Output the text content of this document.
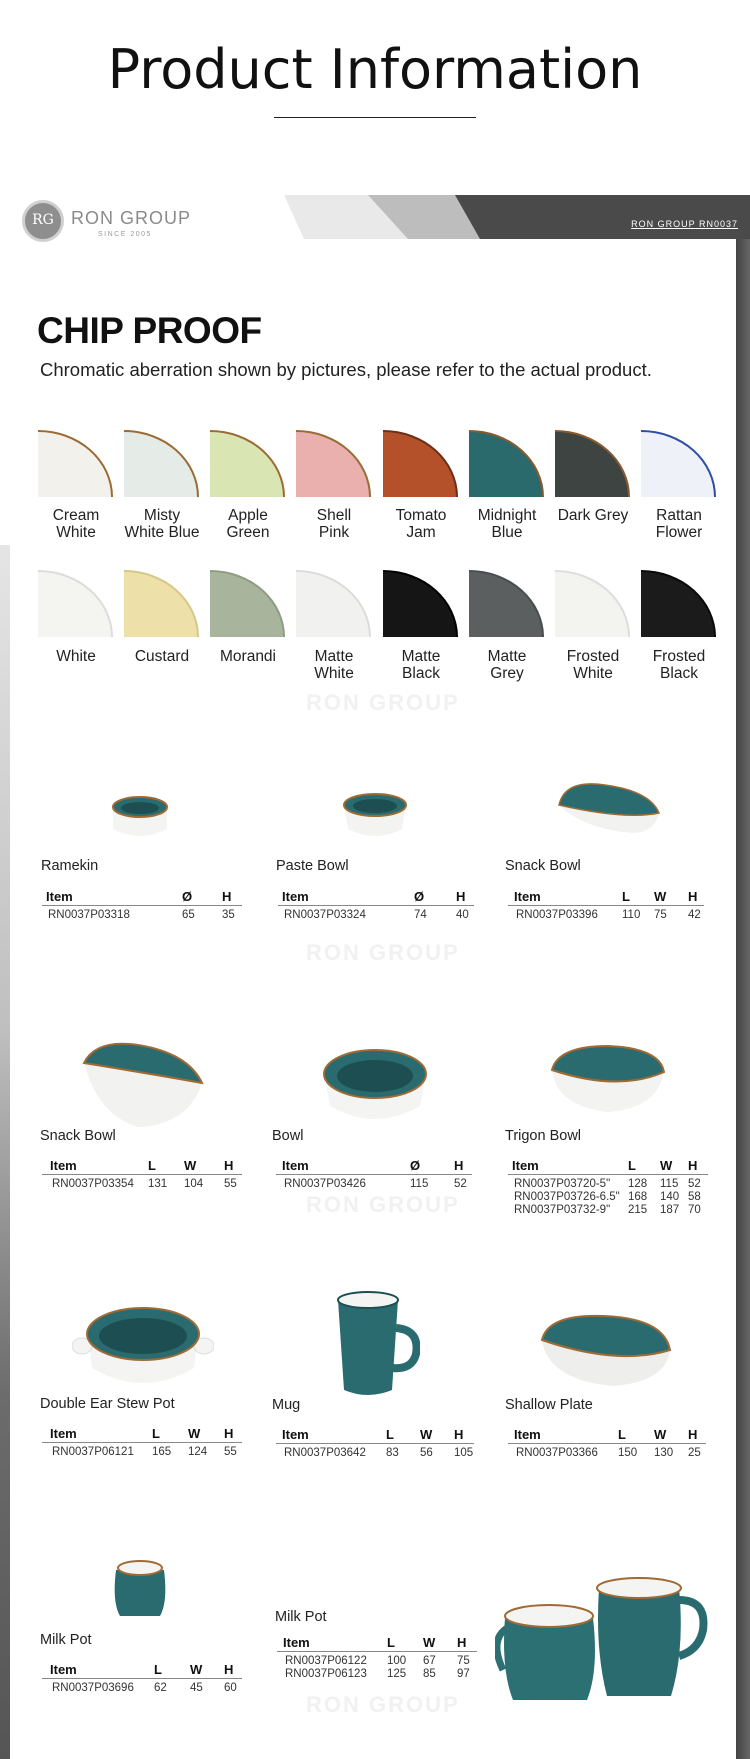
Product Information
RON GROUP RN0037
RG RON GROUP
SINCE 2005
RON GROUP
RON GROUP
RON GROUP
RON GROUP
CHIP PROOF
Chromatic aberration shown by pictures, please refer to the actual product.
Cream
White
Misty
White Blue
Apple
Green
Shell
Pink
Tomato
Jam
Midnight
Blue
Dark Grey	Rattan
Flower
White	Custard	Morandi	Matte
White
Matte
Black
Matte
Grey
Frosted
White
Frosted
Black
Ramekin
Item	Ø H
RN0037P03318	65 35
Paste Bowl
Item	Ø H
RN0037P03324	74	40
Snack Bowl
Item	L W H
RN0037P03396 110 75 42
Snack Bowl
Item	L W H
RN0037P03354 131 104 55
Bowl
Item	Ø	H
RN0037P03426	115 52
Trigon Bowl
Item	L W H
RN0037P03720-5" 128 115 52
RN0037P03726-6.5" 168 140 58
RN0037P03732-9" 215 187 70
Double Ear Stew Pot
Item	L W H
RN0037P06121 165 124 55
Mug
Item	L W H
RN0037P03642 83 56 105
Shallow Plate
Item	L W H
RN0037P03366 150 130 25
Milk Pot
Item	L W H
RN0037P03696 62 45 60
Milk Pot
Item	L W H
RN0037P06122 100 67 75
RN0037P06123 125 85 97
